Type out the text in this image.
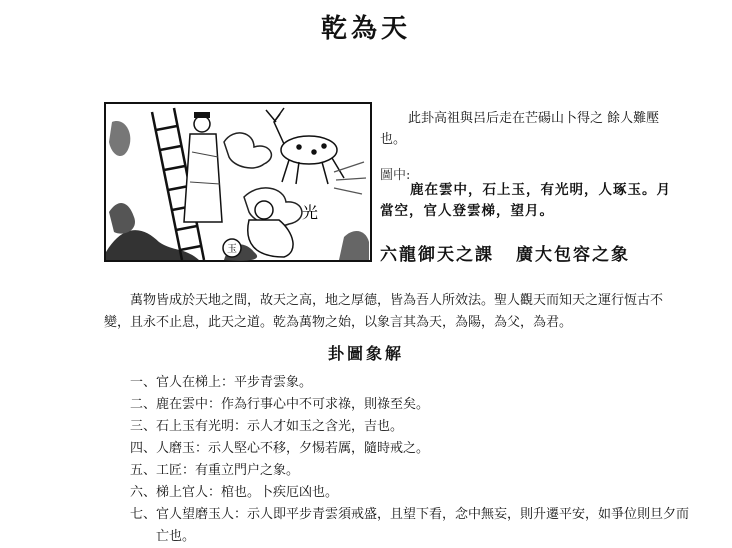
乾為天
玉
光
此卦高祖與呂后走在芒碭山卜得之 餘人難壓也。
圖中:
鹿在雲中，石上玉，有光明，人琢玉。月當空，官人登雲梯，望月。
六龍御天之課 廣大包容之象
萬物皆成於天地之間，故天之高，地之厚德，皆為吾人所效法。聖人觀天而知天之運行恆古不變，且永不止息，此天之道。乾為萬物之始，以象言其為天，為陽，為父，為君。
卦圖象解
一、 官人在梯上：平步青雲象。
二、 鹿在雲中：作為行事心中不可求祿，則祿至矣。
三、 石上玉有光明：示人才如玉之含光，吉也。
四、 人磨玉：示人堅心不移，夕惕若厲，隨時戒之。
五、 工匠：有重立門户之象。
六、 梯上官人：棺也。卜疾厄凶也。
七、 官人望磨玉人：示人即平步青雲須戒盛，且望下看，念中無妄，則升遷平安，如爭位則旦夕而亡也。
